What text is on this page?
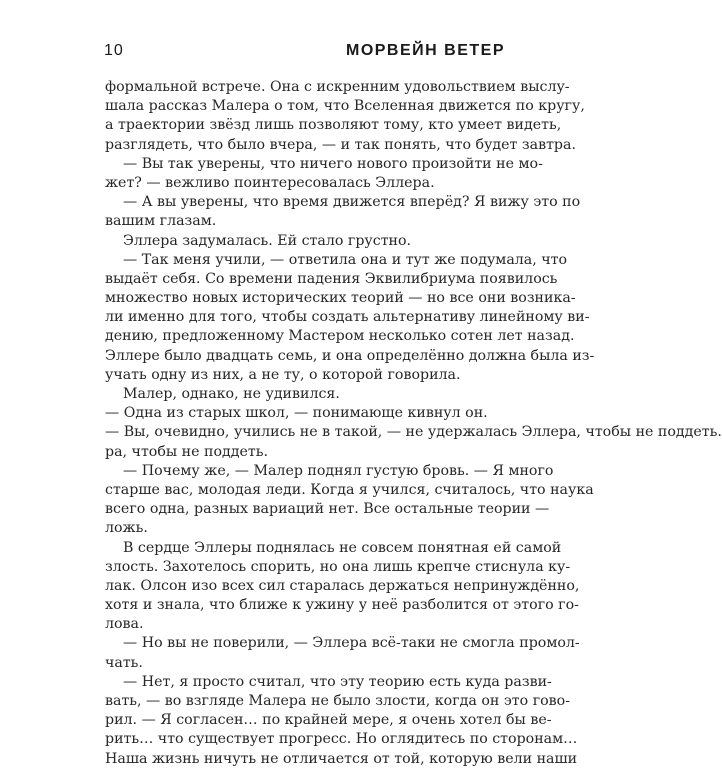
10	МОРВЕЙН ВЕТЕР
формальной встрече. Она с искренним удовольствием выслу-
шала рассказ Малера о том, что Вселенная движется по кругу,
а траектории звёзд лишь позволяют тому, кто умеет видеть,
разглядеть, что было вчера, — и так понять, что будет завтра.
— Вы так уверены, что ничего нового произойти не мо-
жет? — вежливо поинтересовалась Эллера.
— А вы уверены, что время движется вперёд? Я вижу это по
вашим глазам.
Эллера задумалась. Ей стало грустно.
— Так меня учили, — ответила она и тут же подумала, что
выдаёт себя. Со времени падения Эквилибриума появилось
множество новых исторических теорий — но все они возника-
ли именно для того, чтобы создать альтернативу линейному ви-
дению, предложенному Мастером несколько сотен лет назад.
Эллере было двадцать семь, и она определённо должна была из-
учать одну из них, а не ту, о которой говорила.
Малер, однако, не удивился.
— Одна из старых школ, — понимающе кивнул он.
— Вы, очевидно, учились не в такой, — не удержалась Эллера, чтобы не поддеть.
ра, чтобы не поддеть.
— Почему же, — Малер поднял густую бровь. — Я много
старше вас, молодая леди. Когда я учился, считалось, что наука
всего одна, разных вариаций нет. Все остальные теории —
ложь.
В сердце Эллеры поднялась не совсем понятная ей самой
злость. Захотелось спорить, но она лишь крепче стиснула ку-
лак. Олсон изо всех сил старалась держаться непринуждённо,
хотя и знала, что ближе к ужину у неё разболится от этого го-
лова.
— Но вы не поверили, — Эллера всё-таки не смогла промол-
чать.
— Нет, я просто считал, что эту теорию есть куда разви-
вать, — во взгляде Малера не было злости, когда он это гово-
рил. — Я согласен… по крайней мере, я очень хотел бы ве-
рить… что существует прогресс. Но оглядитесь по сторонам…
Наша жизнь ничуть не отличается от той, которую вели наши
